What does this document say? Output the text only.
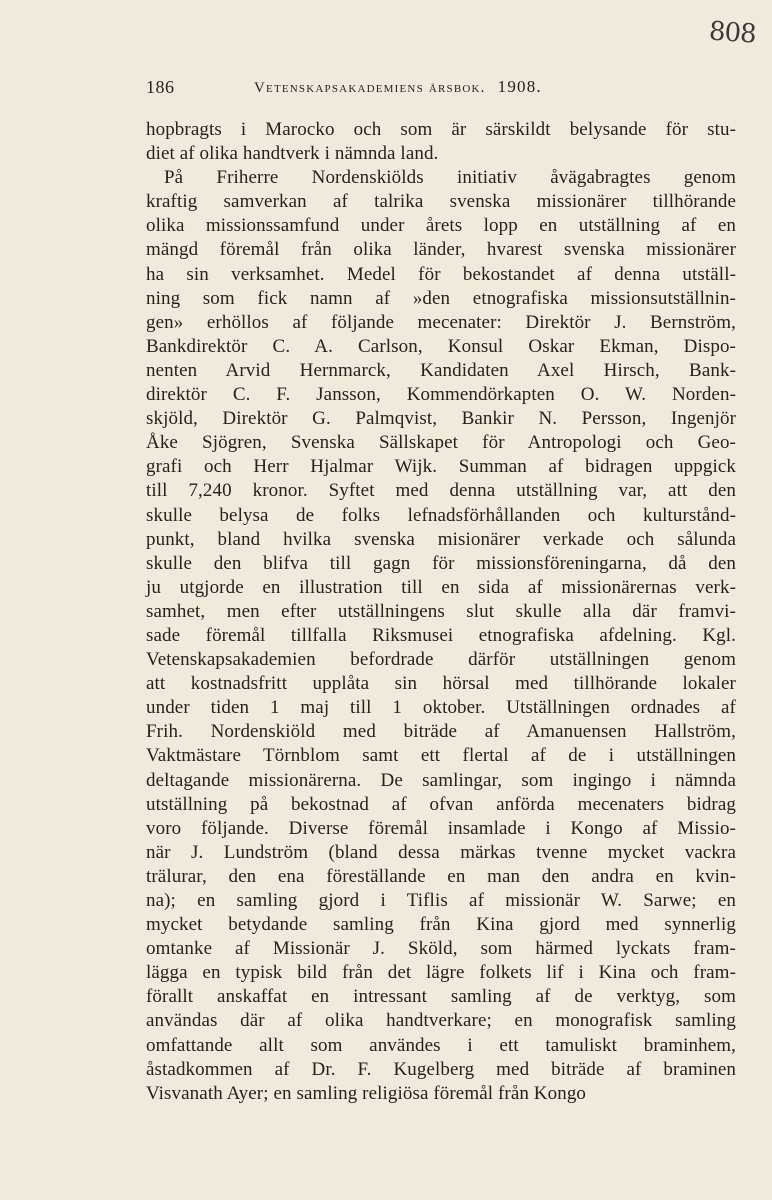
808
186	Vetenskapsakademiens årsbok. 1908.
hopbragts i Marocko och som är särskildt belysande för stu-
diet af olika handtverk i nämnda land.
På Friherre Nordenskiölds initiativ åvägabragtes genom
kraftig samverkan af talrika svenska missionärer tillhörande
olika missionssamfund under årets lopp en utställning af en
mängd föremål från olika länder, hvarest svenska missionärer
ha sin verksamhet. Medel för bekostandet af denna utställ-
ning som fick namn af »den etnografiska missionsutställnin-
gen» erhöllos af följande mecenater: Direktör J. Bernström,
Bankdirektör C. A. Carlson, Konsul Oskar Ekman, Dispo-
nenten Arvid Hernmarck, Kandidaten Axel Hirsch, Bank-
direktör C. F. Jansson, Kommendörkapten O. W. Norden-
skjöld, Direktör G. Palmqvist, Bankir N. Persson, Ingenjör
Åke Sjögren, Svenska Sällskapet för Antropologi och Geo-
grafi och Herr Hjalmar Wijk. Summan af bidragen uppgick
till 7,240 kronor. Syftet med denna utställning var, att den
skulle belysa de folks lefnadsförhållanden och kulturstånd-
punkt, bland hvilka svenska misionärer verkade och sålunda
skulle den blifva till gagn för missionsföreningarna, då den
ju utgjorde en illustration till en sida af missionärernas verk-
samhet, men efter utställningens slut skulle alla där framvi-
sade föremål tillfalla Riksmusei etnografiska afdelning. Kgl.
Vetenskapsakademien befordrade därför utställningen genom
att kostnadsfritt upplåta sin hörsal med tillhörande lokaler
under tiden 1 maj till 1 oktober. Utställningen ordnades af
Frih. Nordenskiöld med biträde af Amanuensen Hallström,
Vaktmästare Törnblom samt ett flertal af de i utställningen
deltagande missionärerna. De samlingar, som ingingo i nämnda
utställning på bekostnad af ofvan anförda mecenaters bidrag
voro följande. Diverse föremål insamlade i Kongo af Missio-
när J. Lundström (bland dessa märkas tvenne mycket vackra
trälurar, den ena föreställande en man den andra en kvin-
na); en samling gjord i Tiflis af missionär W. Sarwe; en
mycket betydande samling från Kina gjord med synnerlig
omtanke af Missionär J. Sköld, som härmed lyckats fram-
lägga en typisk bild från det lägre folkets lif i Kina och fram-
förallt anskaffat en intressant samling af de verktyg, som
användas där af olika handtverkare; en monografisk samling
omfattande allt som användes i ett tamuliskt braminhem,
åstadkommen af Dr. F. Kugelberg med biträde af braminen
Visvanath Ayer; en samling religiösa föremål från Kongo
